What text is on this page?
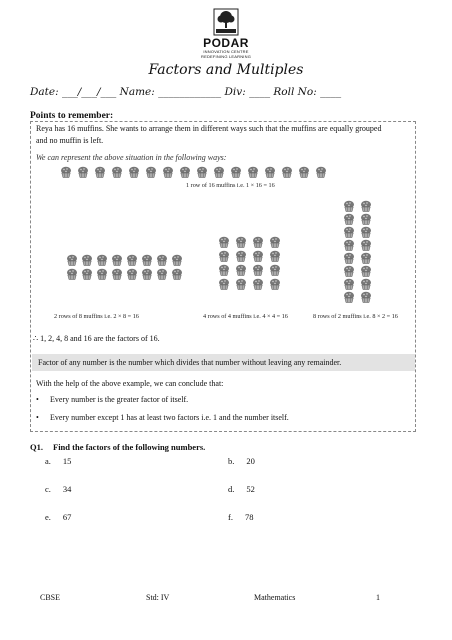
PODAR
INNOVATION CENTRE
REDEFINING LEARNING
Factors and Multiples
Date: ___/___/___ Name: ____________ Div: ____ Roll No: ____
Points to remember:
Reya has 16 muffins. She wants to arrange them in different ways such that the muffins are equally grouped
and no muffin is left.
We can represent the above situation in the following ways:
1 row of 16 muffins i.e. 1 × 16 = 16
2 rows of 8 muffins i.e. 2 × 8 = 16	4 rows of 4 muffins i.e. 4 × 4 = 16	8 rows of 2 muffins i.e. 8 × 2 = 16
∴ 1, 2, 4, 8 and 16 are the factors of 16.
Factor of any number is the number which divides that number without leaving any remainder.
With the help of the above example, we can conclude that:
• Every number is the greater factor of itself.
• Every number except 1 has at least two factors i.e. 1 and the number itself.
Q1. Find the factors of the following numbers.
a. 15	b. 20
c. 34	d. 52
e. 67	f. 78
CBSE	Std: IV	Mathematics	1
